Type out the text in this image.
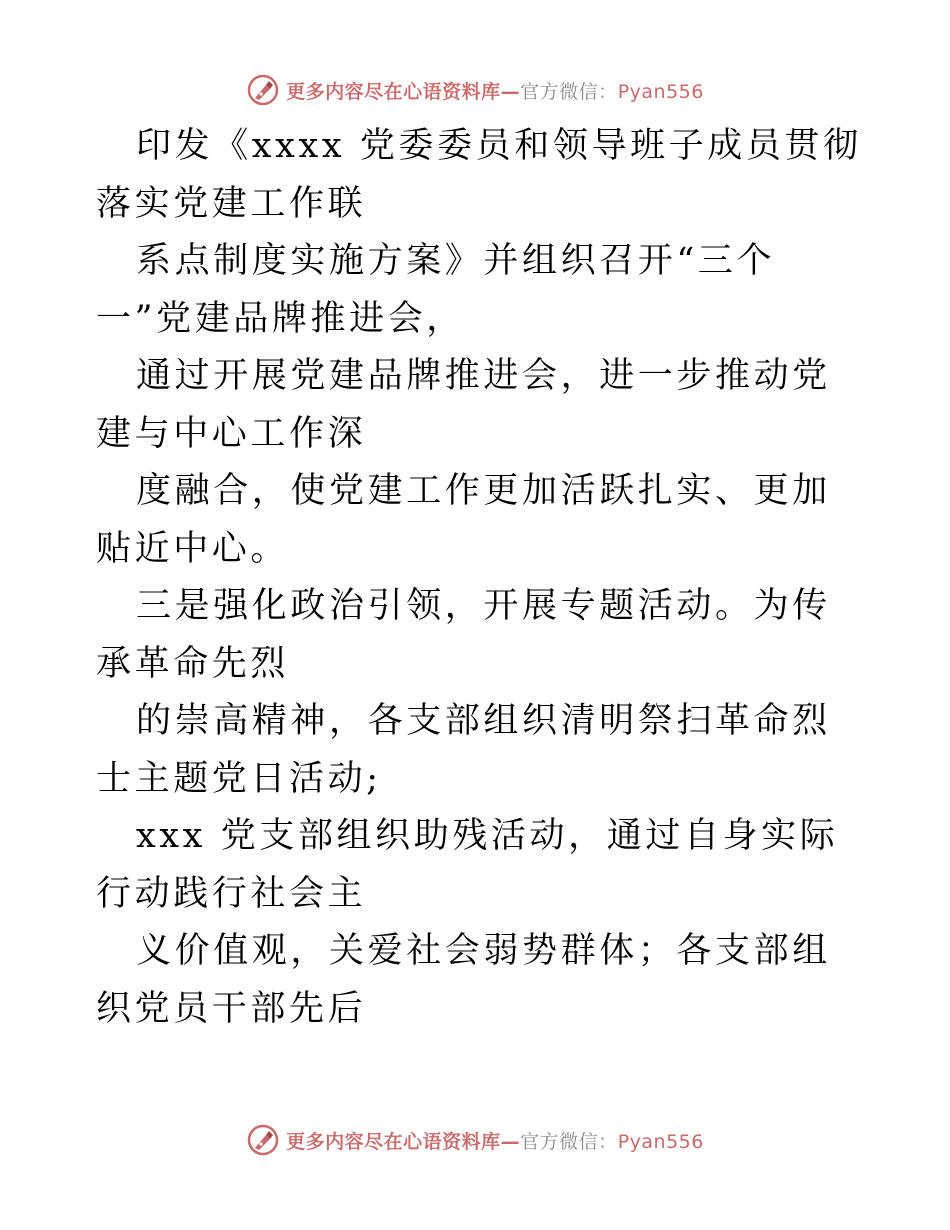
更多内容尽在心语资料库—官方微信：Pyan556

印发《xxxx 党委委员和领导班子成员贯彻落实党建工作联

系点制度实施方案》并组织召开“三个一”党建品牌推进会，

通过开展党建品牌推进会，进一步推动党建与中心工作深

度融合，使党建工作更加活跃扎实、更加贴近中心。

三是强化政治引领，开展专题活动。为传承革命先烈

的崇高精神，各支部组织清明祭扫革命烈士主题党日活动;

xxx 党支部组织助残活动，通过自身实际行动践行社会主

义价值观，关爱社会弱势群体；各支部组织党员干部先后

更多内容尽在心语资料库—官方微信：Pyan556
